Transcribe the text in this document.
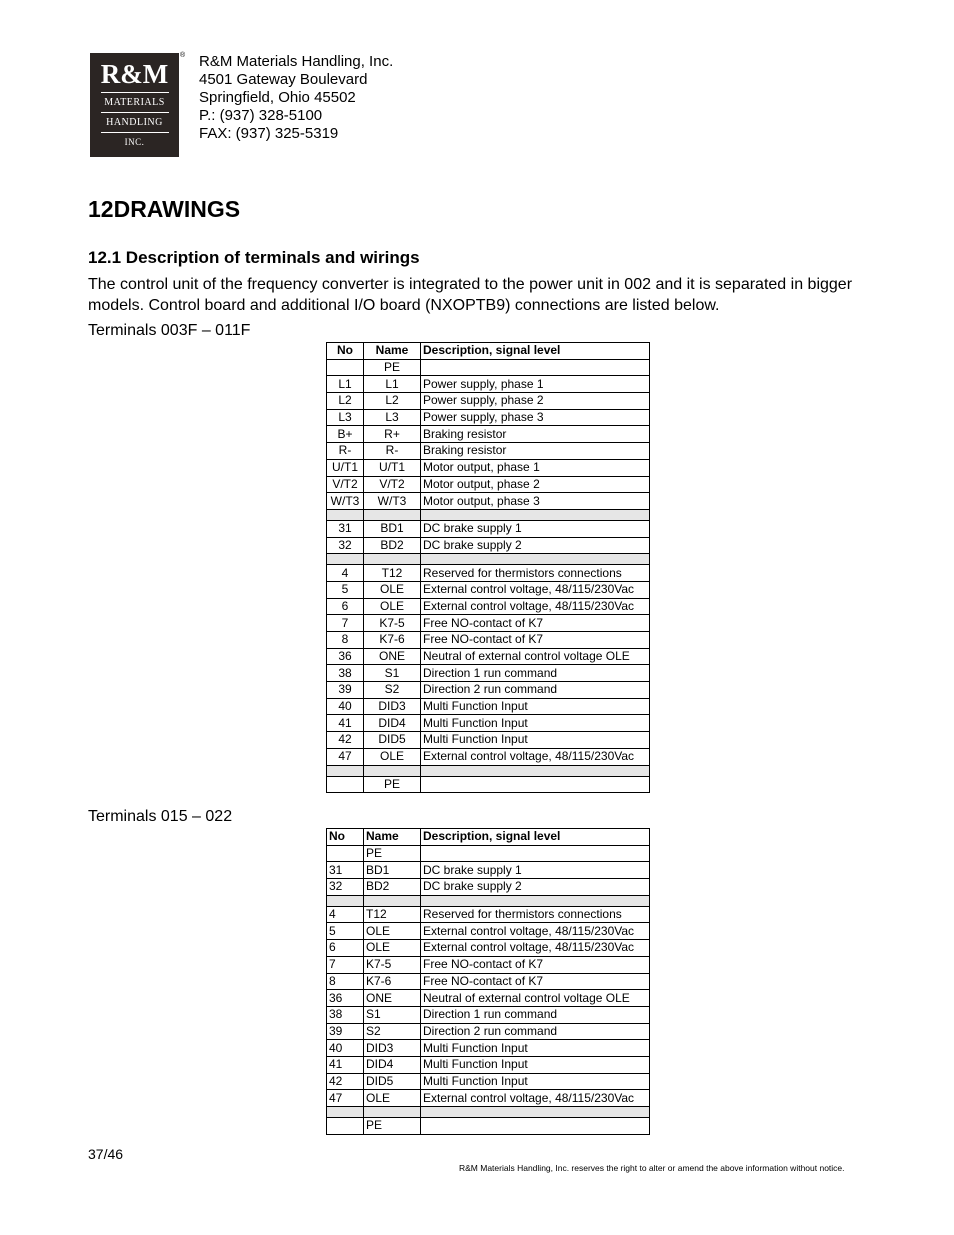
R&M
MATERIALS
HANDLING
INC.
® R&M Materials Handling, Inc.
4501 Gateway Boulevard
Springfield, Ohio 45502
P.: (937) 328-5100
FAX: (937) 325-5319
12DRAWINGS
12.1 Description of terminals and wirings

The control unit of the frequency converter is integrated to the power unit in 002 and it is separated in bigger models. Control board and additional I/O board (NXOPTB9) connections are listed below.

Terminals 003F – 011F
No	Name	Description, signal level
	PE	
L1	L1	Power supply, phase 1
L2	L2	Power supply, phase 2
L3	L3	Power supply, phase 3
B+	R+	Braking resistor
R-	R-	Braking resistor
U/T1	U/T1	Motor output, phase 1
V/T2	V/T2	Motor output, phase 2
W/T3	W/T3	Motor output, phase 3

31	BD1	DC brake supply 1
32	BD2	DC brake supply 2

4	T12	Reserved for thermistors connections
5	OLE	External control voltage, 48/115/230Vac
6	OLE	External control voltage, 48/115/230Vac
7	K7-5	Free NO-contact of K7
8	K7-6	Free NO-contact of K7
36	ONE	Neutral of external control voltage OLE
38	S1	Direction 1 run command
39	S2	Direction 2 run command
40	DID3	Multi Function Input
41	DID4	Multi Function Input
42	DID5	Multi Function Input
47	OLE	External control voltage, 48/115/230Vac

	PE	
Terminals 015 – 022
No	Name	Description, signal level
	PE	
31	BD1	DC brake supply 1
32	BD2	DC brake supply 2

4	T12	Reserved for thermistors connections
5	OLE	External control voltage, 48/115/230Vac
6	OLE	External control voltage, 48/115/230Vac
7	K7-5	Free NO-contact of K7
8	K7-6	Free NO-contact of K7
36	ONE	Neutral of external control voltage OLE
38	S1	Direction 1 run command
39	S2	Direction 2 run command
40	DID3	Multi Function Input
41	DID4	Multi Function Input
42	DID5	Multi Function Input
47	OLE	External control voltage, 48/115/230Vac

	PE	
37/46
R&M Materials Handling, Inc. reserves the right to alter or amend the above information without notice.
